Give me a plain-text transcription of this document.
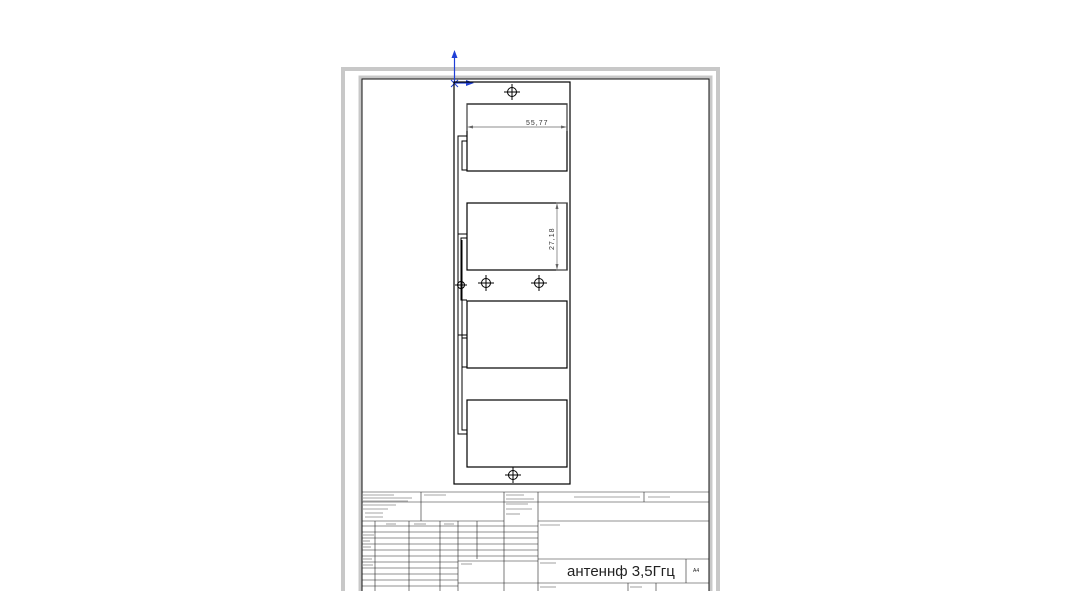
55,77
27,18
антеннф 3,5Ггц	A4
